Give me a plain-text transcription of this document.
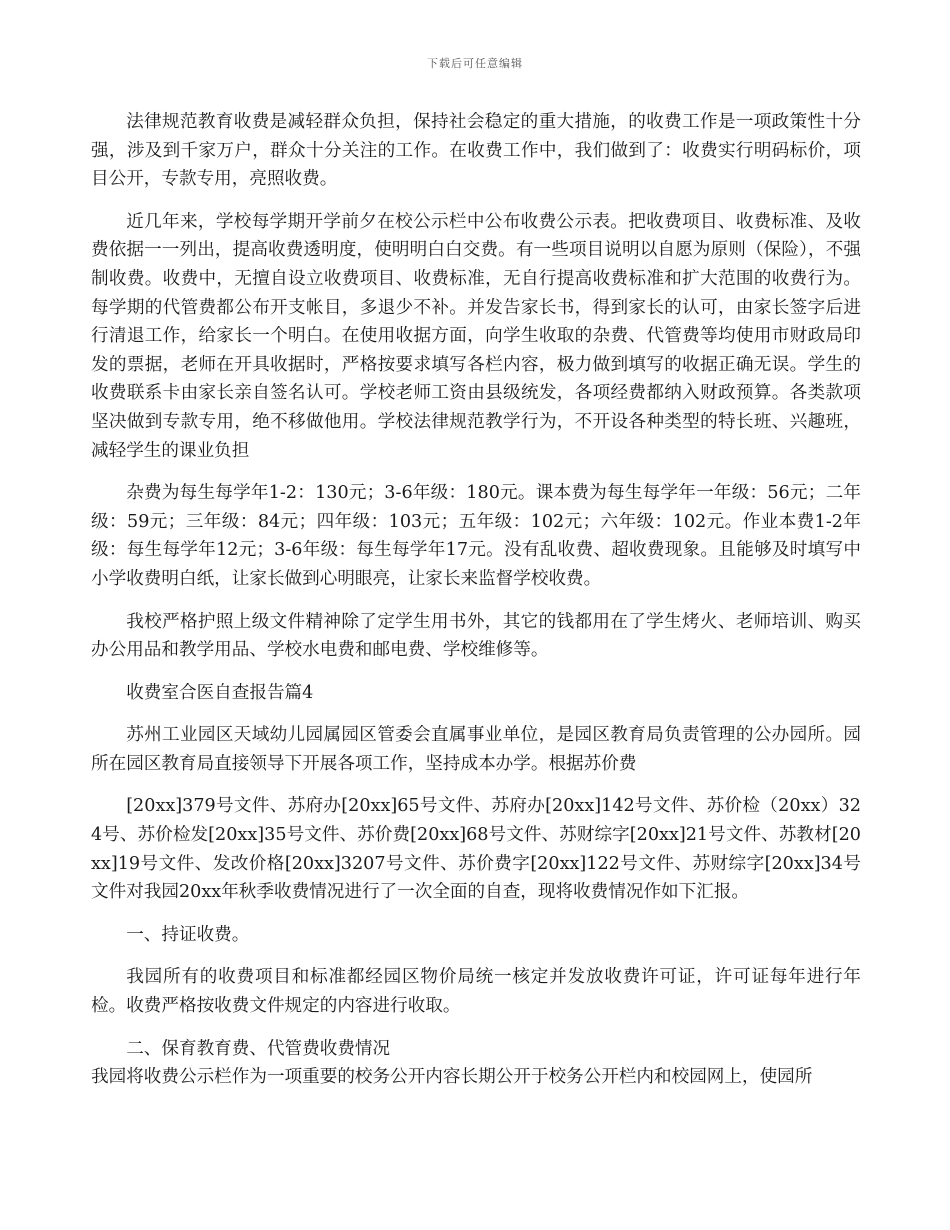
下载后可任意编辑

法律规范教育收费是减轻群众负担，保持社会稳定的重大措施，的收费工作是一项政策性十分强，涉及到千家万户，群众十分关注的工作。在收费工作中，我们做到了：收费实行明码标价，项目公开，专款专用，亮照收费。

近几年来，学校每学期开学前夕在校公示栏中公布收费公示表。把收费项目、收费标准、及收费依据一一列出，提高收费透明度，使明明白白交费。有一些项目说明以自愿为原则（保险），不强制收费。收费中，无擅自设立收费项目、收费标准，无自行提高收费标准和扩大范围的收费行为。每学期的代管费都公布开支帐目，多退少不补。并发告家长书，得到家长的认可，由家长签字后进行清退工作，给家长一个明白。在使用收据方面，向学生收取的杂费、代管费等均使用市财政局印发的票据，老师在开具收据时，严格按要求填写各栏内容，极力做到填写的收据正确无误。学生的收费联系卡由家长亲自签名认可。学校老师工资由县级统发，各项经费都纳入财政预算。各类款项坚决做到专款专用，绝不移做他用。学校法律规范教学行为，不开设各种类型的特长班、兴趣班，减轻学生的课业负担

杂费为每生每学年1-2：130元；3-6年级：180元。课本费为每生每学年一年级：56元；二年级：59元；三年级：84元；四年级：103元；五年级：102元；六年级：102元。作业本费1-2年级：每生每学年12元；3-6年级：每生每学年17元。没有乱收费、超收费现象。且能够及时填写中小学收费明白纸，让家长做到心明眼亮，让家长来监督学校收费。

我校严格护照上级文件精神除了定学生用书外，其它的钱都用在了学生烤火、老师培训、购买办公用品和教学用品、学校水电费和邮电费、学校维修等。

收费室合医自查报告篇4

苏州工业园区天域幼儿园属园区管委会直属事业单位，是园区教育局负责管理的公办园所。园所在园区教育局直接领导下开展各项工作，坚持成本办学。根据苏价费

[20xx]379号文件、苏府办[20xx]65号文件、苏府办[20xx]142号文件、苏价检（20xx）324号、苏价检发[20xx]35号文件、苏价费[20xx]68号文件、苏财综字[20xx]21号文件、苏教材[20xx]19号文件、发改价格[20xx]3207号文件、苏价费字[20xx]122号文件、苏财综字[20xx]34号文件对我园20xx年秋季收费情况进行了一次全面的自查，现将收费情况作如下汇报。

一、持证收费。

我园所有的收费项目和标准都经园区物价局统一核定并发放收费许可证，许可证每年进行年检。收费严格按收费文件规定的内容进行收取。

二、保育教育费、代管费收费情况

我园将收费公示栏作为一项重要的校务公开内容长期公开于校务公开栏内和校园网上，使园所
